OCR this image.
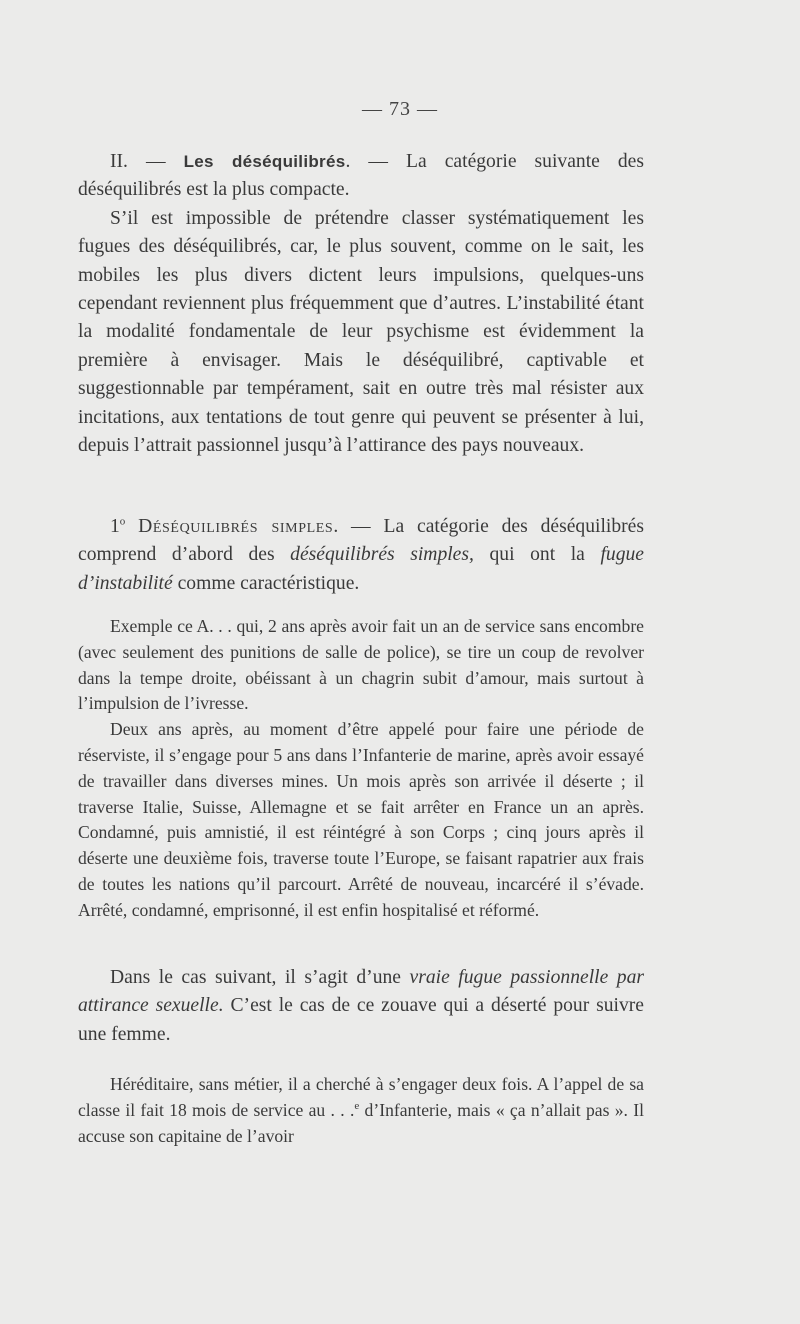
— 73 —

II. — Les déséquilibrés. — La catégorie suivante des déséquilibrés est la plus compacte.

S’il est impossible de prétendre classer systématiquement les fugues des déséquilibrés, car, le plus souvent, comme on le sait, les mobiles les plus divers dictent leurs impulsions, quelques-uns cependant reviennent plus fréquemment que d’autres. L’instabilité étant la modalité fondamentale de leur psychisme est évidemment la première à envisager. Mais le déséquilibré, captivable et suggestionnable par tempérament, sait en outre très mal résister aux incitations, aux tentations de tout genre qui peuvent se présenter à lui, depuis l’attrait passionnel jusqu’à l’attirance des pays nouveaux.

1$^o$ Déséquilibrés simples. — La catégorie des déséquilibrés comprend d’abord des déséquilibrés simples, qui ont la fugue d’instabilité comme caractéristique.

Exemple ce A. . . qui, 2 ans après avoir fait un an de service sans encombre (avec seulement des punitions de salle de police), se tire un coup de revolver dans la tempe droite, obéissant à un chagrin subit d’amour, mais surtout à l’impulsion de l’ivresse.

Deux ans après, au moment d’être appelé pour faire une période de réserviste, il s’engage pour 5 ans dans l’Infanterie de marine, après avoir essayé de travailler dans diverses mines. Un mois après son arrivée il déserte ; il traverse Italie, Suisse, Allemagne et se fait arrêter en France un an après. Condamné, puis amnistié, il est réintégré à son Corps ; cinq jours après il déserte une deuxième fois, traverse toute l’Europe, se faisant rapatrier aux frais de toutes les nations qu’il parcourt. Arrêté de nouveau, incarcéré il s’évade. Arrêté, condamné, emprisonné, il est enfin hospitalisé et réformé.

Dans le cas suivant, il s’agit d’une vraie fugue passionnelle par attirance sexuelle. C’est le cas de ce zouave qui a déserté pour suivre une femme.

Héréditaire, sans métier, il a cherché à s’engager deux fois. A l’appel de sa classe il fait 18 mois de service au . . .$^e$ d’Infanterie, mais « ça n’allait pas ». Il accuse son capitaine de l’avoir
